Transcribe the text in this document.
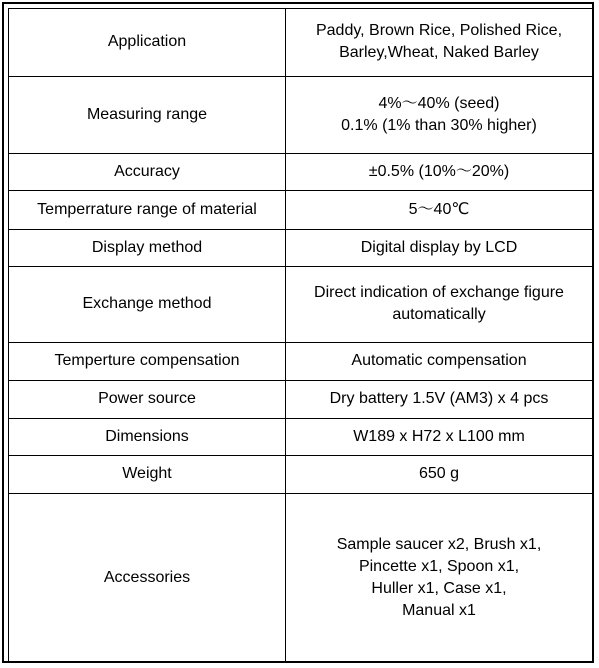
Application	Paddy, Brown Rice, Polished Rice,
Barley,Wheat, Naked Barley

Measuring range	4%～40% (seed)
0.1% (1% than 30% higher)

Accuracy	±0.5% (10%～20%)
Temperrature range of material	5～40℃
Display method	Digital display by LCD
Exchange method	Direct indication of exchange figure
automatically

Temperture compensation	Automatic compensation
Power source	Dry battery 1.5V (AM3) x 4 pcs
Dimensions	W189 x H72 x L100 mm
Weight	650 g
Accessories	Sample saucer x2, Brush x1,
Pincette x1, Spoon x1,
Huller x1, Case x1,
Manual x1
